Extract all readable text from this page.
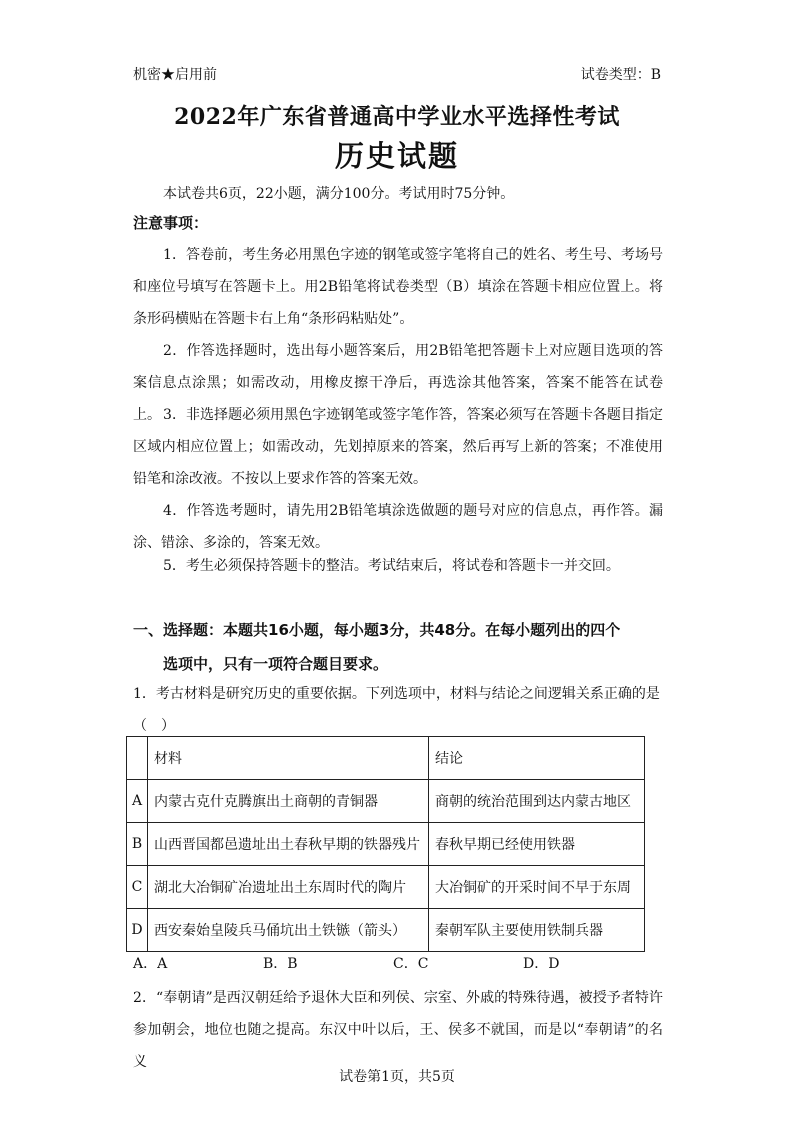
机密★启用前	试卷类型：B
2022年广东省普通高中学业水平选择性考试
历史试题
本试卷共6页，22小题，满分100分。考试用时75分钟。
注意事项：
1．答卷前，考生务必用黑色字迹的钢笔或签字笔将自己的姓名、考生号、考场号和座位号填写在答题卡上。用2B铅笔将试卷类型（B）填涂在答题卡相应位置上。将条形码横贴在答题卡右上角“条形码粘贴处”。
2．作答选择题时，选出每小题答案后，用2B铅笔把答题卡上对应题目选项的答案信息点涂黑；如需改动，用橡皮擦干净后，再选涂其他答案，答案不能答在试卷上。 3．非选择题必须用黑色字迹钢笔或签字笔作答，答案必须写在答题卡各题目指定区域内相应位置上；如需改动，先划掉原来的答案，然后再写上新的答案；不准使用铅笔和涂改液。不按以上要求作答的答案无效。
4．作答选考题时，请先用2B铅笔填涂选做题的题号对应的信息点，再作答。漏涂、错涂、多涂的，答案无效。
5．考生必须保持答题卡的整洁。考试结束后，将试卷和答题卡一并交回。
一、选择题：本题共16小题，每小题3分，共48分。在每小题列出的四个
选项中，只有一项符合题目要求。
1．考古材料是研究历史的重要依据。下列选项中，材料与结论之间逻辑关系正确的是（　）
	材料	结论
A	内蒙古克什克腾旗出土商朝的青铜器	商朝的统治范围到达内蒙古地区
B	山西晋国都邑遗址出土春秋早期的铁器残片	春秋早期已经使用铁器
C	湖北大冶铜矿冶遗址出土东周时代的陶片	大冶铜矿的开采时间不早于东周
D	西安秦始皇陵兵马俑坑出土铁镞（箭头）	秦朝军队主要使用铁制兵器
A．A	B．B	C．C	D．D
2．“奉朝请”是西汉朝廷给予退休大臣和列侯、宗室、外戚的特殊待遇，被授予者特许参加朝会，地位也随之提高。东汉中叶以后，王、侯多不就国，而是以“奉朝请”的名义
试卷第1页，共5页
